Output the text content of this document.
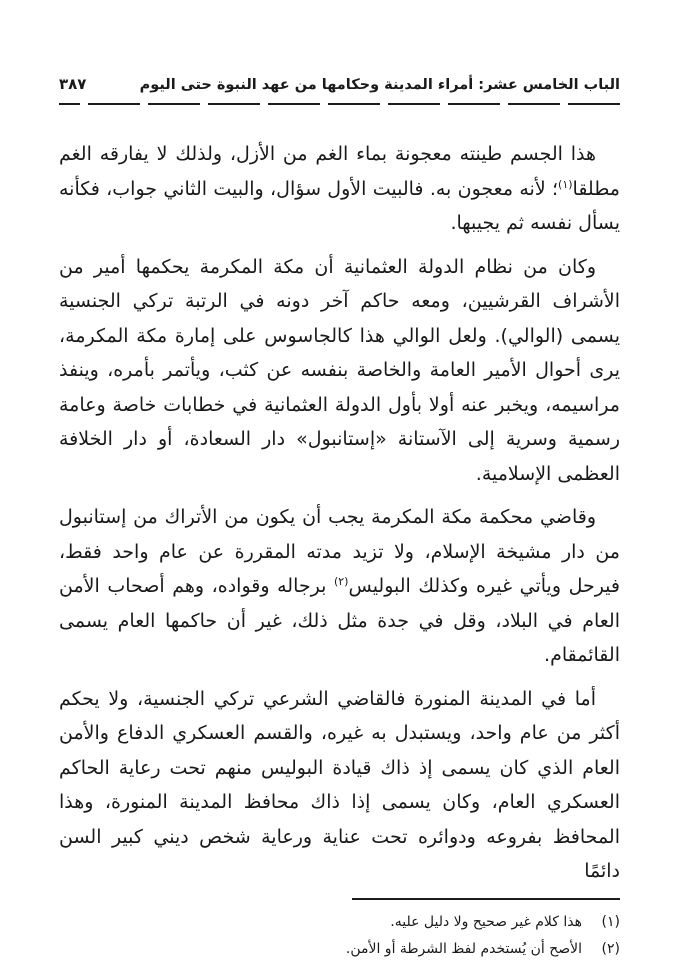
الباب الخامس عشر: أمراء المدينة وحكامها من عهد النبوة حتى اليوم
٣٨٧

هذا الجسم طينته معجونة بماء الغم من الأزل، ولذلك لا يفارقه الغم مطلقا$^{(١)}$؛ لأنه معجون به. فالبيت الأول سؤال، والبيت الثاني جواب، فكأنه يسأل نفسه ثم يجيبها.

وكان من نظام الدولة العثمانية أن مكة المكرمة يحكمها أمير من الأشراف القرشيين، ومعه حاكم آخر دونه في الرتبة تركي الجنسية يسمى (الوالي). ولعل الوالي هذا كالجاسوس على إمارة مكة المكرمة، يرى أحوال الأمير العامة والخاصة بنفسه عن كثب، ويأتمر بأمره، وينفذ مراسيمه، ويخبر عنه أولا بأول الدولة العثمانية في خطابات خاصة وعامة رسمية وسرية إلى الآستانة «إستانبول» دار السعادة، أو دار الخلافة العظمى الإسلامية.

وقاضي محكمة مكة المكرمة يجب أن يكون من الأتراك من إستانبول من دار مشيخة الإسلام، ولا تزيد مدته المقررة عن عام واحد فقط، فيرحل ويأتي غيره وكذلك البوليس$^{(٢)}$ برجاله وقواده، وهم أصحاب الأمن العام في البلاد، وقل في جدة مثل ذلك، غير أن حاكمها العام يسمى القائمقام.

أما في المدينة المنورة فالقاضي الشرعي تركي الجنسية، ولا يحكم أكثر من عام واحد، ويستبدل به غيره، والقسم العسكري الدفاع والأمن العام الذي كان يسمى إذ ذاك قيادة البوليس منهم تحت رعاية الحاكم العسكري العام، وكان يسمى إذا ذاك محافظ المدينة المنورة، وهذا المحافظ بفروعه ودوائره تحت عناية ورعاية شخص ديني كبير السن دائمًا

(١)
هذا كلام غير صحيح ولا دليل عليه.
(٢)
الأصح أن يُستخدم لفظ الشرطة أو الأمن.
